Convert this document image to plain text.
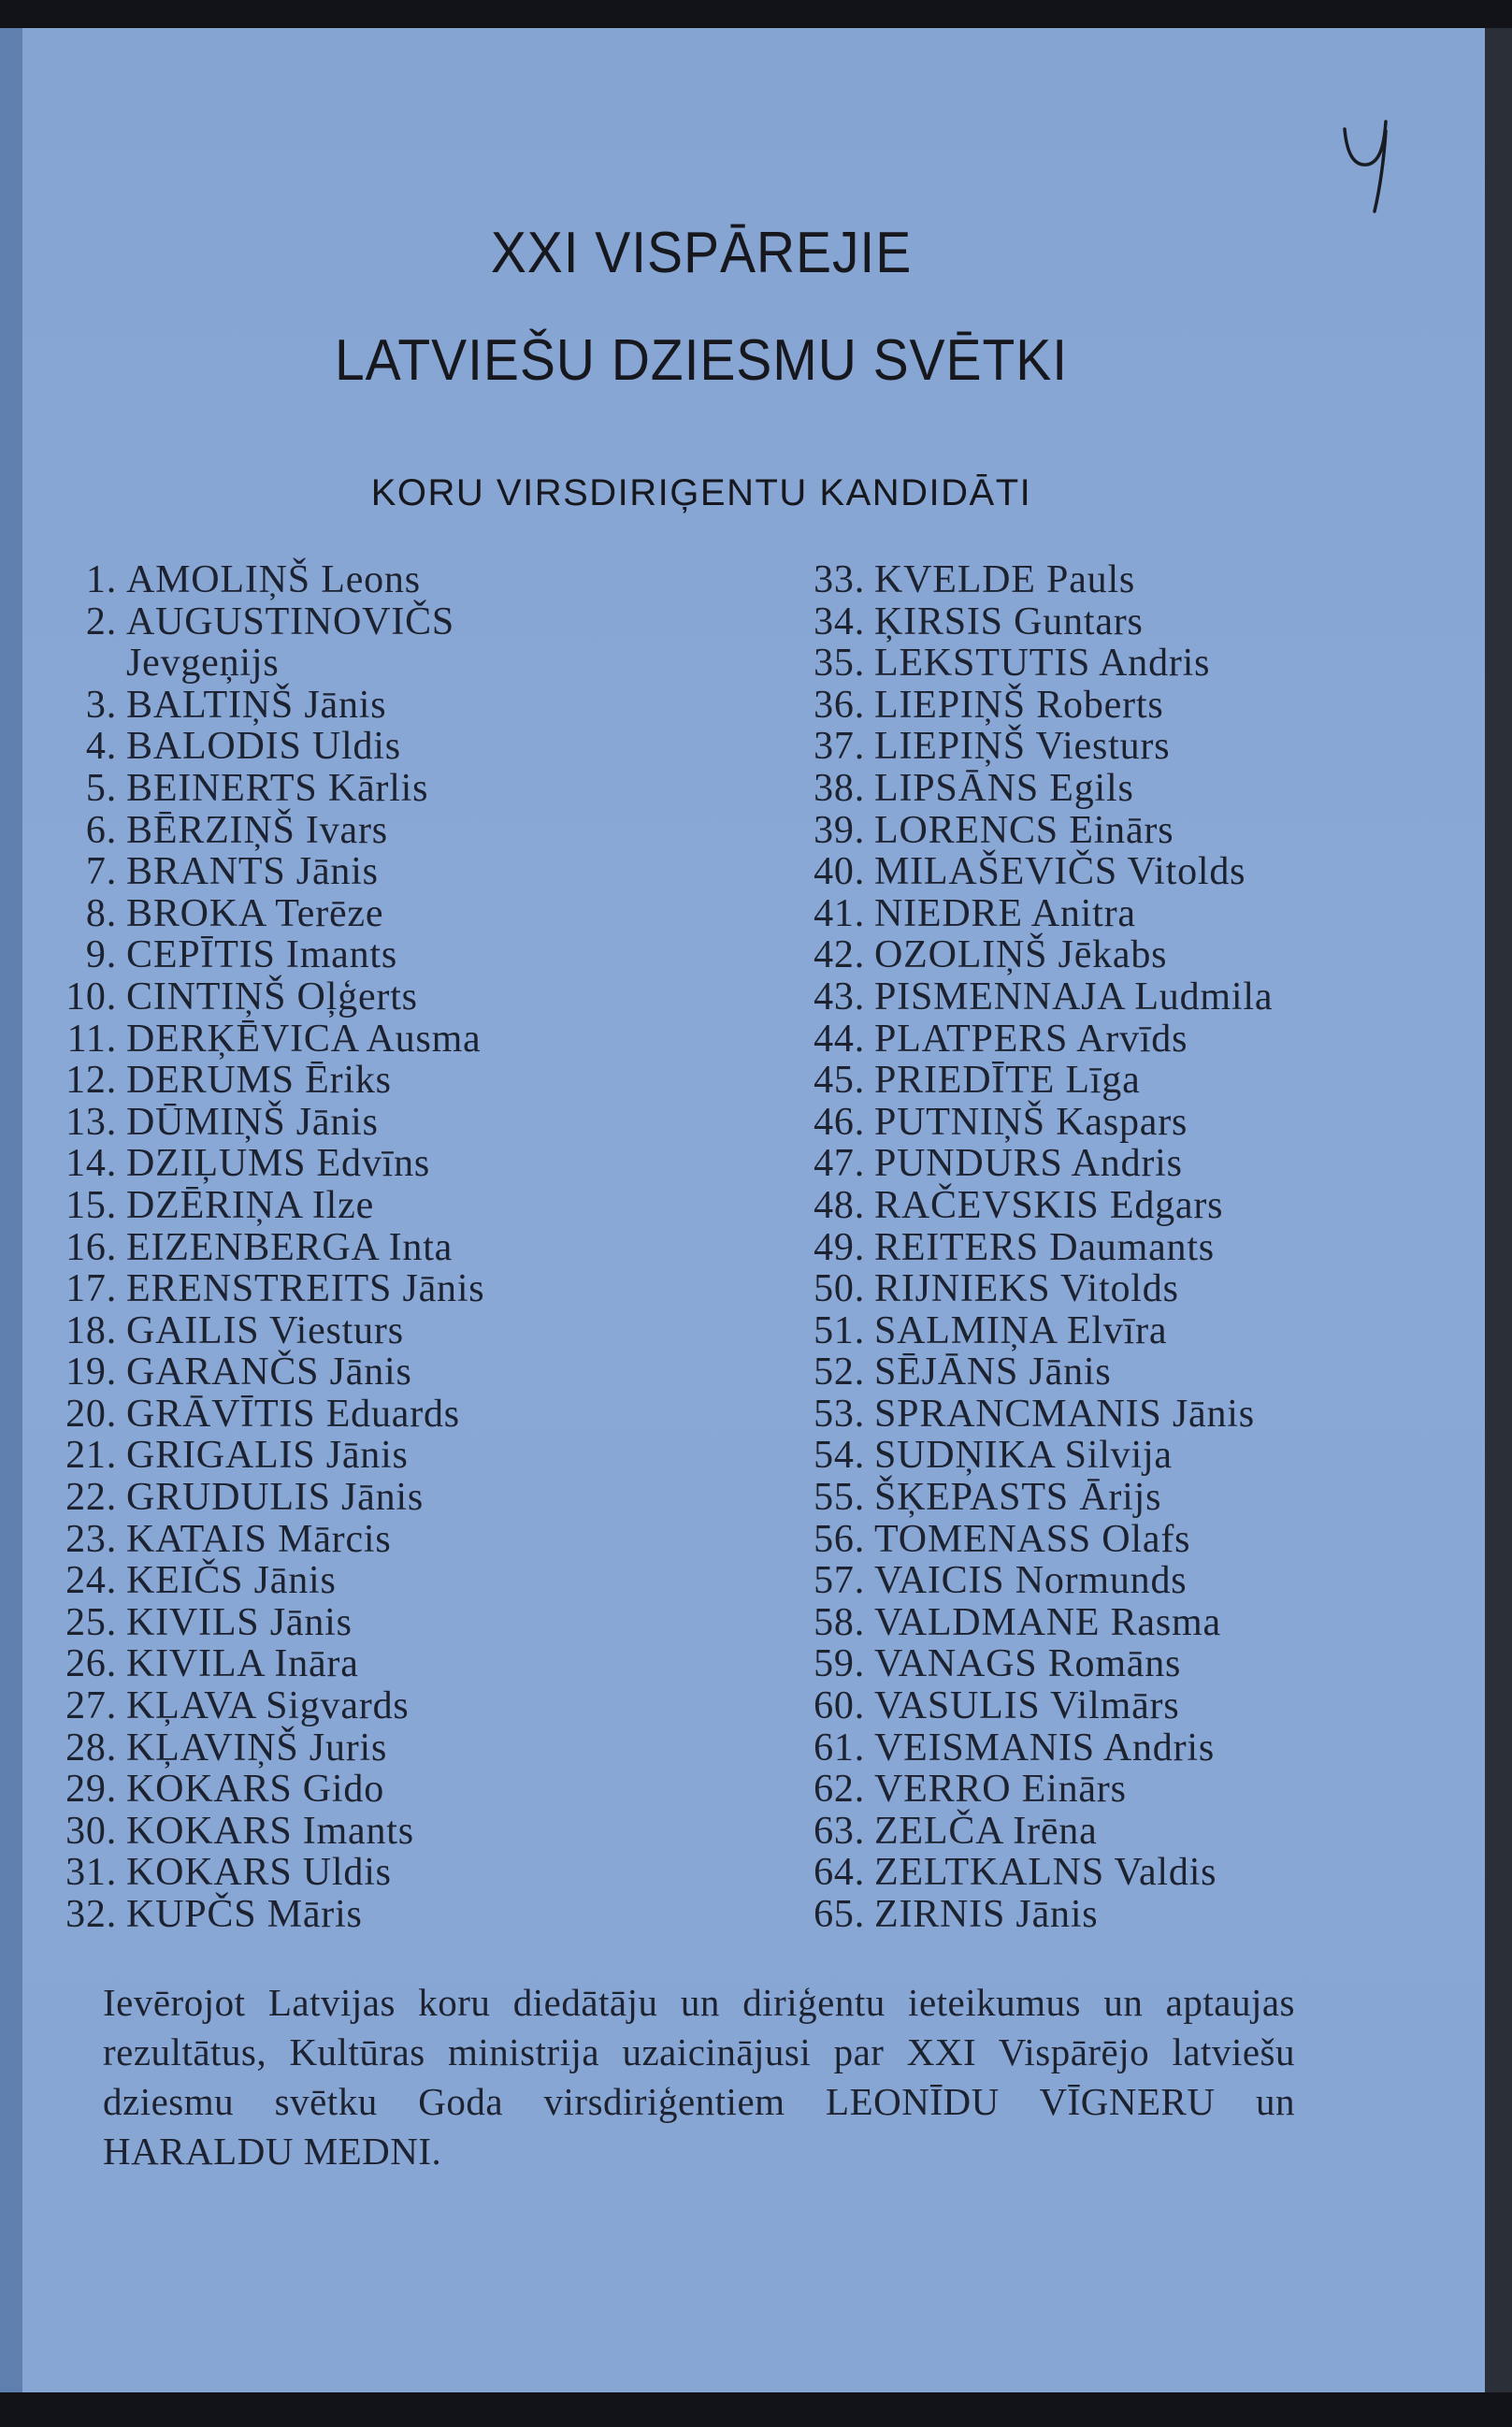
XXI VISPĀREJIE
LATVIEŠU DZIESMU SVĒTKI
KORU VIRSDIRIĢENTU KANDIDĀTI
1. AMOLIŅŠ Leons
2. AUGUSTINOVIČS
Jevgeņijs
3. BALTIŅŠ Jānis
4. BALODIS Uldis
5. BEINERTS Kārlis
6. BĒRZIŅŠ Ivars
7. BRANTS Jānis
8. BROKA Terēze
9. CEPĪTIS Imants
10. CINTIŅŠ Oļģerts
11. DERĶĒVICA Ausma
12. DERUMS Ēriks
13. DŪMIŅŠ Jānis
14. DZIĻUMS Edvīns
15. DZĒRIŅA Ilze
16. EIZENBERGA Inta
17. ERENSTREITS Jānis
18. GAILIS Viesturs
19. GARANČS Jānis
20. GRĀVĪTIS Eduards
21. GRIGALIS Jānis
22. GRUDULIS Jānis
23. KATAIS Mārcis
24. KEIČS Jānis
25. KIVILS Jānis
26. KIVILA Ināra
27. KĻAVA Sigvards
28. KĻAVIŅŠ Juris
29. KOKARS Gido
30. KOKARS Imants
31. KOKARS Uldis
32. KUPČS Māris
33. KVELDE Pauls
34. ĶIRSIS Guntars
35. LEKSTUTIS Andris
36. LIEPIŅŠ Roberts
37. LIEPIŅŠ Viesturs
38. LIPSĀNS Egils
39. LORENCS Einārs
40. MILAŠEVIČS Vitolds
41. NIEDRE Anitra
42. OZOLIŅŠ Jēkabs
43. PISMENNAJA Ludmila
44. PLATPERS Arvīds
45. PRIEDĪTE Līga
46. PUTNIŅŠ Kaspars
47. PUNDURS Andris
48. RAČEVSKIS Edgars
49. REITERS Daumants
50. RIJNIEKS Vitolds
51. SALMIŅA Elvīra
52. SĒJĀNS Jānis
53. SPRANCMANIS Jānis
54. SUDŅIKA Silvija
55. ŠĶEPASTS Ārijs
56. TOMENASS Olafs
57. VAICIS Normunds
58. VALDMANE Rasma
59. VANAGS Romāns
60. VASULIS Vilmārs
61. VEISMANIS Andris
62. VERRO Einārs
63. ZELČA Irēna
64. ZELTKALNS Valdis
65. ZIRNIS Jānis
Ievērojot Latvijas koru diedātāju un diriģentu ieteikumus un aptaujas rezultātus, Kultūras ministrija uzaicinājusi par XXI Vispārējo latviešu dziesmu svētku Goda virsdiriģentiem LEONĪDU VĪGNERU un HARALDU MEDNI.
